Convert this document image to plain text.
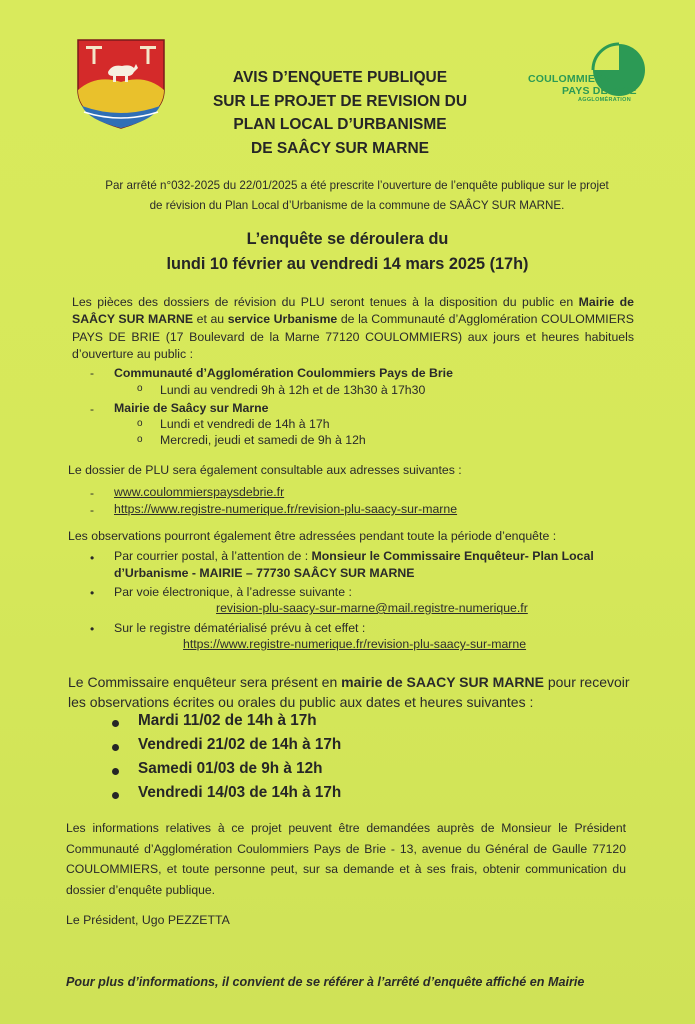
COULOMMIERS
PAYS DE BRIE
AGGLOMÉRATION
AVIS D’ENQUETE PUBLIQUE
SUR LE PROJET DE REVISION DU
PLAN LOCAL D’URBANISME
DE SAÂCY SUR MARNE
Par arrêté n°032-2025 du 22/01/2025 a été prescrite l’ouverture de l’enquête publique sur le projet
de révision du Plan Local d’Urbanisme de la commune de SAÂCY SUR MARNE.
L’enquête se déroulera du
lundi 10 février au vendredi 14 mars 2025 (17h)
Les pièces des dossiers de révision du PLU seront tenues à la disposition du public en Mairie de SAÂCY SUR MARNE et au service Urbanisme de la Communauté d’Agglomération COULOMMIERS PAYS DE BRIE (17 Boulevard de la Marne 77120 COULOMMIERS) aux jours et heures habituels d’ouverture au public :
- Communauté d’Agglomération Coulommiers Pays de Brie
o Lundi au vendredi 9h à 12h et de 13h30 à 17h30
- Mairie de Saâcy sur Marne
o Lundi et vendredi de 14h à 17h
o Mercredi, jeudi et samedi de 9h à 12h
Le dossier de PLU sera également consultable aux adresses suivantes :
- www.coulommierspaysdebrie.fr
- https://www.registre-numerique.fr/revision-plu-saacy-sur-marne
Les observations pourront également être adressées pendant toute la période d’enquête :
• Par courrier postal, à l’attention de : Monsieur le Commissaire Enquêteur- Plan Local
d’Urbanisme - MAIRIE – 77730 SAÂCY SUR MARNE
• Par voie électronique, à l’adresse suivante :
revision-plu-saacy-sur-marne@mail.registre-numerique.fr
• Sur le registre dématérialisé prévu à cet effet :
https://www.registre-numerique.fr/revision-plu-saacy-sur-marne
Le Commissaire enquêteur sera présent en mairie de SAACY SUR MARNE pour recevoir
les observations écrites ou orales du public aux dates et heures suivantes :
Mardi 11/02 de 14h à 17h
Vendredi 21/02 de 14h à 17h
Samedi 01/03 de 9h à 12h
Vendredi 14/03 de 14h à 17h
Les informations relatives à ce projet peuvent être demandées auprès de Monsieur le Président Communauté d’Agglomération Coulommiers Pays de Brie - 13, avenue du Général de Gaulle 77120 COULOMMIERS, et toute personne peut, sur sa demande et à ses frais, obtenir communication du dossier d’enquête publique.
Le Président, Ugo PEZZETTA
Pour plus d’informations, il convient de se référer à l’arrêté d’enquête affiché en Mairie
